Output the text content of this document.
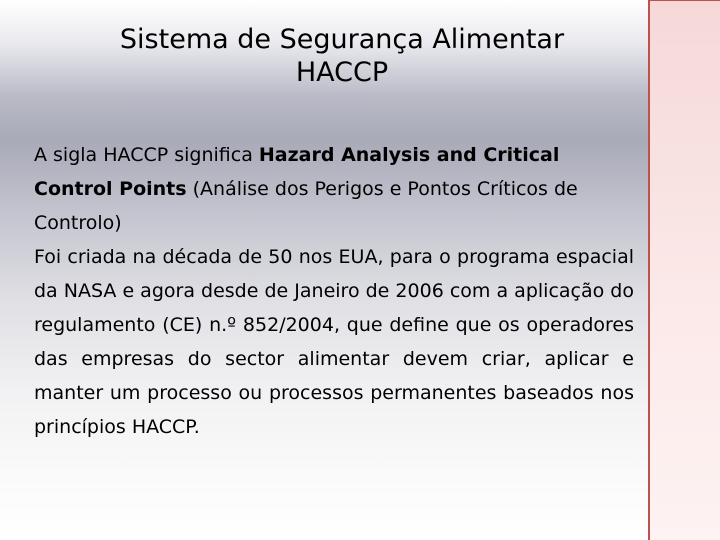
Sistema de Segurança Alimentar
HACCP

A sigla HACCP significa Hazard Analysis and Critical Control Points (Análise dos Perigos e Pontos Críticos de Controlo)

Foi criada na década de 50 nos EUA, para o programa espacial da NASA e agora desde de Janeiro de 2006 com a aplicação do regulamento (CE) n.º 852/2004, que define que os operadores das empresas do sector alimentar devem criar, aplicar e manter um processo ou processos permanentes baseados nos princípios HACCP.
